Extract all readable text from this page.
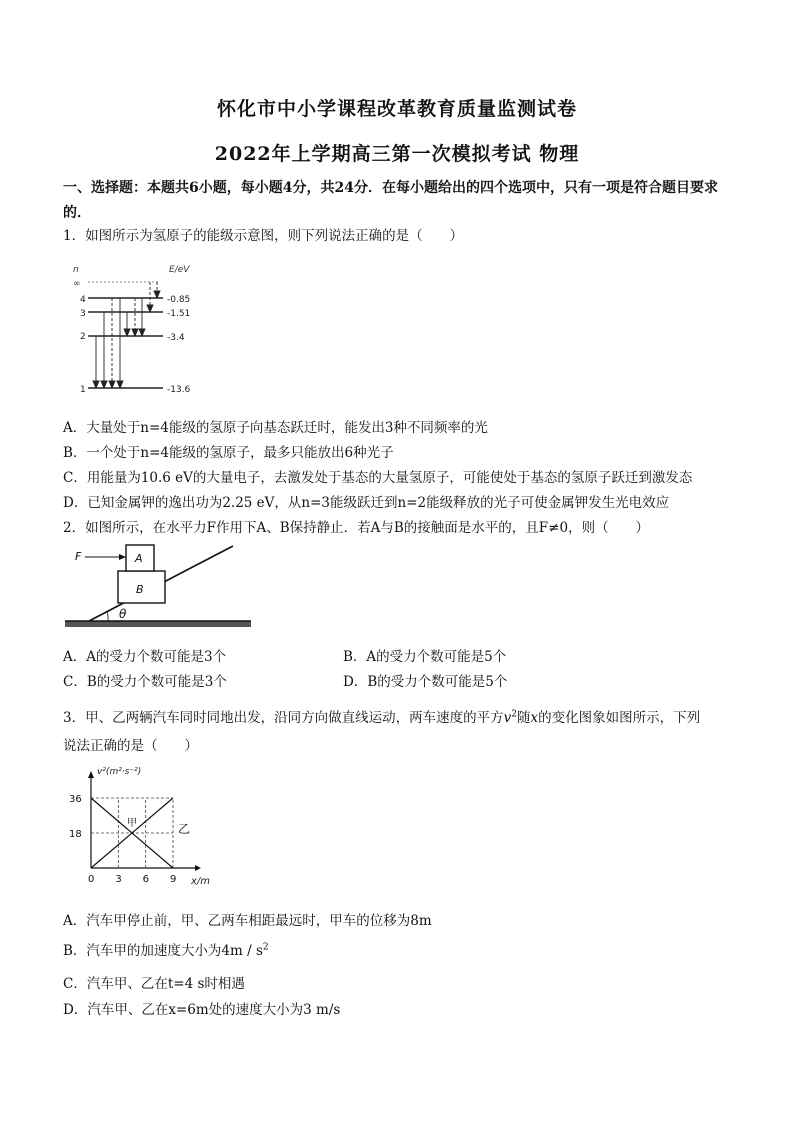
怀化市中小学课程改革教育质量监测试卷
2022年上学期高三第一次模拟考试 物理
一、选择题：本题共6小题，每小题4分，共24分．在每小题给出的四个选项中，只有一项是符合题目要求的．
1．如图所示为氢原子的能级示意图，则下列说法正确的是（　　）
n	E/eV
∞
4	-0.85
3	-1.51
2	-3.4
1	-13.6
A．大量处于n=4能级的氢原子向基态跃迁时，能发出3种不同频率的光
B．一个处于n=4能级的氢原子，最多只能放出6种光子
C．用能量为10.6 eV的大量电子，去激发处于基态的大量氢原子，可能使处于基态的氢原子跃迁到激发态
D．已知金属钾的逸出功为2.25 eV，从n=3能级跃迁到n=2能级释放的光子可使金属钾发生光电效应
2．如图所示，在水平力F作用下A、B保持静止．若A与B的接触面是水平的，且F≠0，则（　　）
θ
B
A
F
A．A的受力个数可能是3个	B．A的受力个数可能是5个
C．B的受力个数可能是3个	D．B的受力个数可能是5个
3．甲、乙两辆汽车同时同地出发，沿同方向做直线运动，两车速度的平方$v^2$随x的变化图象如图所示，下列
说法正确的是（　　）
v²(m²·s⁻²)
x/m
0 3 6 9
18
36
甲	乙
A．汽车甲停止前，甲、乙两车相距最远时，甲车的位移为8m
B．汽车甲的加速度大小为$4m / s^2$
C．汽车甲、乙在t=4 s时相遇
D．汽车甲、乙在x=6m处的速度大小为3 m/s
